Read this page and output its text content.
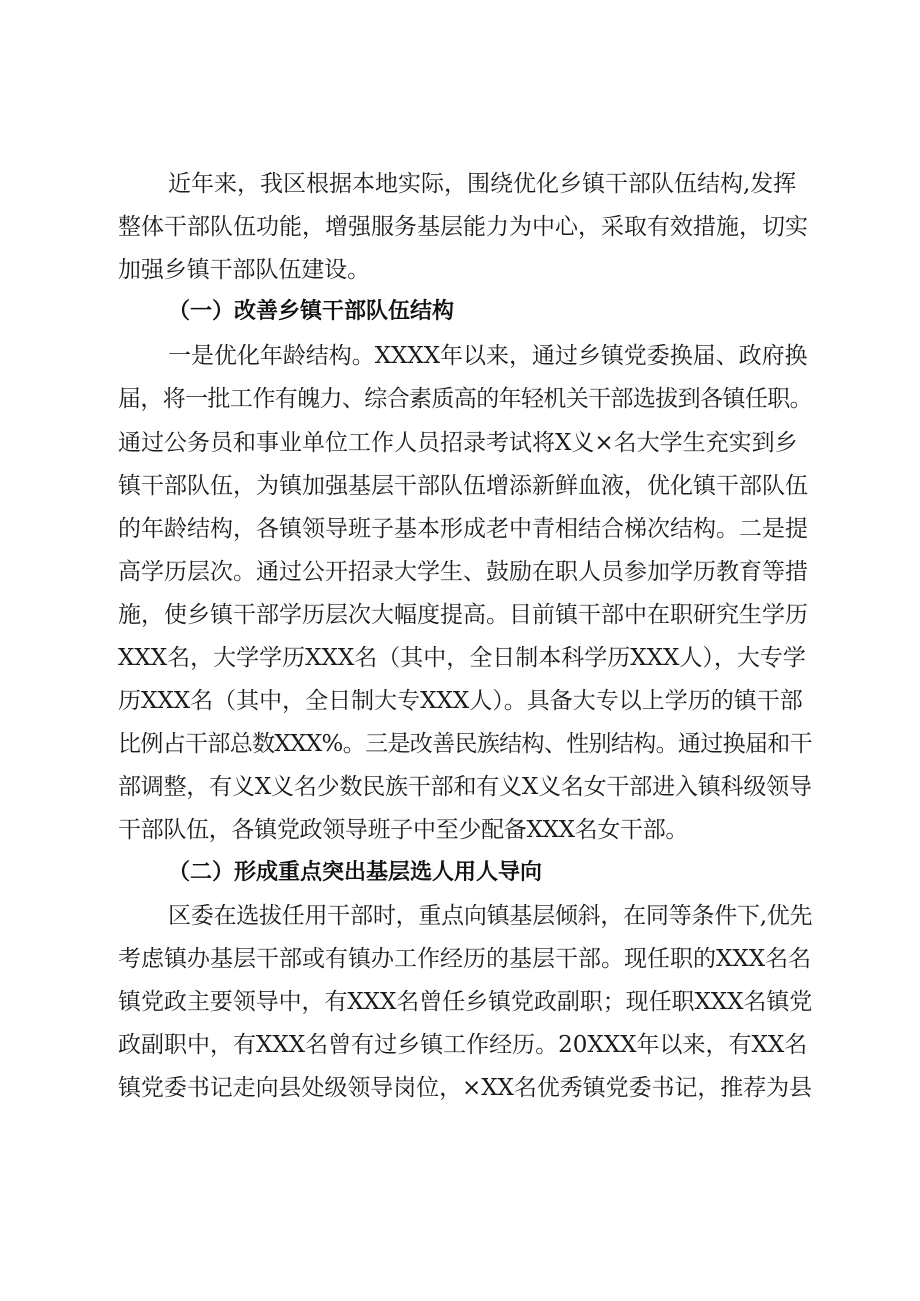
近年来，我区根据本地实际，围绕优化乡镇干部队伍结构,发挥
整体干部队伍功能，增强服务基层能力为中心，采取有效措施，切实
加强乡镇干部队伍建设。
（一）改善乡镇干部队伍结构
一是优化年龄结构。XXXX年以来，通过乡镇党委换届、政府换
届，将一批工作有魄力、综合素质高的年轻机关干部选拔到各镇任职。
通过公务员和事业单位工作人员招录考试将X义×名大学生充实到乡
镇干部队伍，为镇加强基层干部队伍增添新鲜血液，优化镇干部队伍
的年龄结构，各镇领导班子基本形成老中青相结合梯次结构。二是提
高学历层次。通过公开招录大学生、鼓励在职人员参加学历教育等措
施，使乡镇干部学历层次大幅度提高。目前镇干部中在职研究生学历
XXX名，大学学历XXX名（其中，全日制本科学历XXX人），大专学
历XXX名（其中，全日制大专XXX人）。具备大专以上学历的镇干部
比例占干部总数XXX%。三是改善民族结构、性别结构。通过换届和干
部调整，有义X义名少数民族干部和有义X义名女干部进入镇科级领导
干部队伍，各镇党政领导班子中至少配备XXX名女干部。
（二）形成重点突出基层选人用人导向
区委在选拔任用干部时，重点向镇基层倾斜，在同等条件下,优先
考虑镇办基层干部或有镇办工作经历的基层干部。现任职的XXX名名
镇党政主要领导中，有XXX名曾任乡镇党政副职；现任职XXX名镇党
政副职中，有XXX名曾有过乡镇工作经历。20XXX年以来，有XX名
镇党委书记走向县处级领导岗位，×XX名优秀镇党委书记，推荐为县
